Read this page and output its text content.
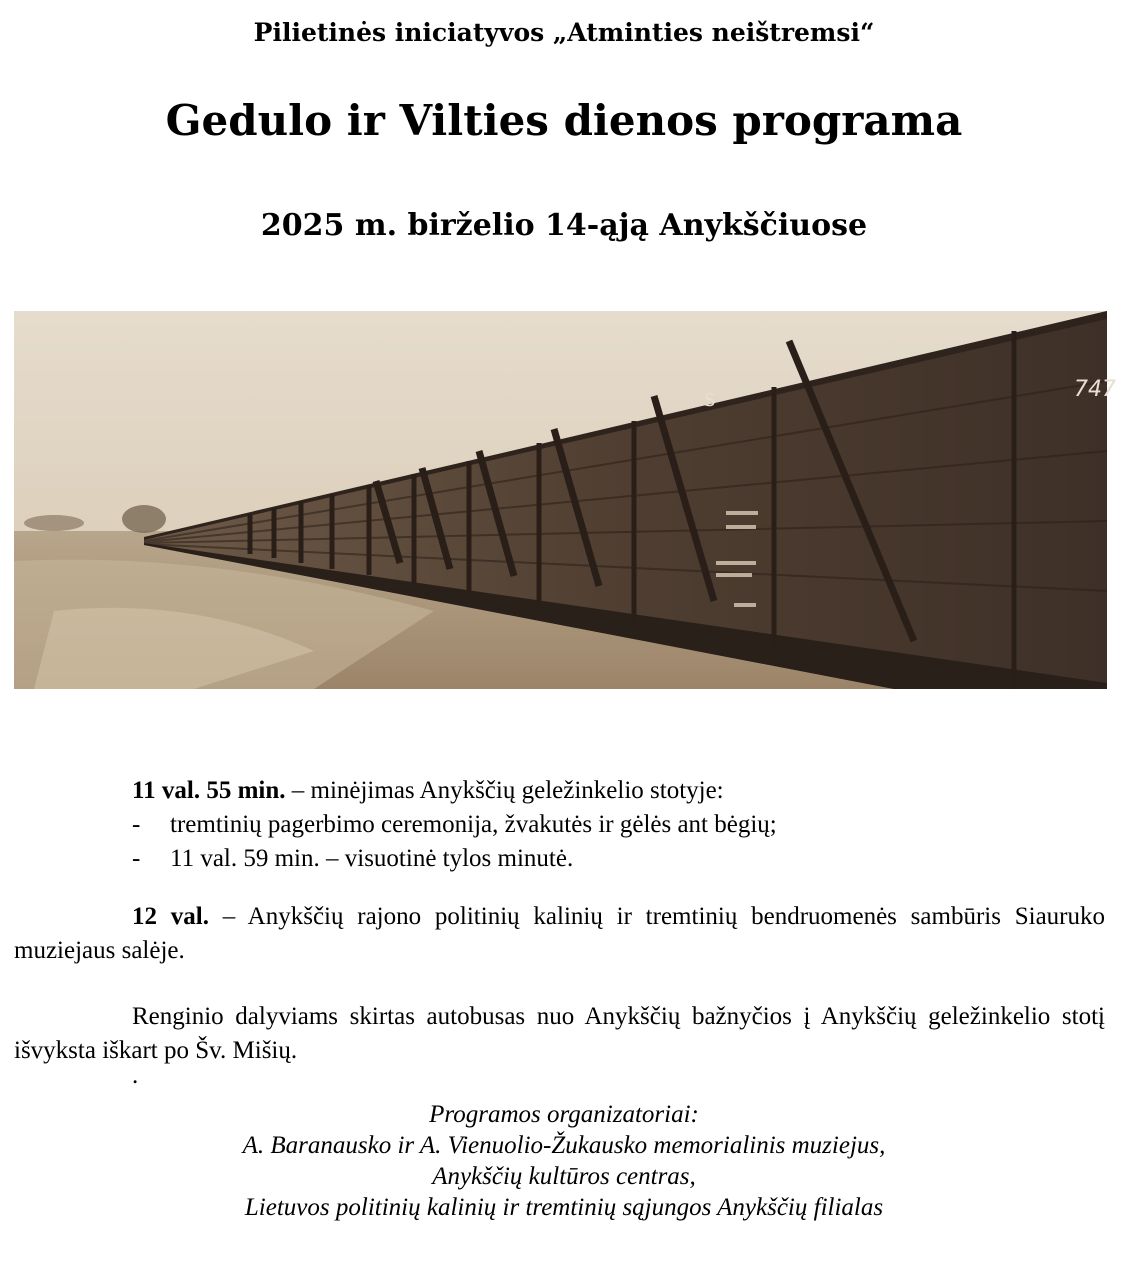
Pilietinės iniciatyvos „Atminties neištremsi“
Gedulo ir Vilties dienos programa
2025 m. birželio 14-ąją Anykščiuose
747
S
11 val. 55 min. – minėjimas Anykščių geležinkelio stotyje:
-	tremtinių pagerbimo ceremonija, žvakutės ir gėlės ant bėgių;
-	11 val. 59 min. – visuotinė tylos minutė.

12 val. – Anykščių rajono politinių kalinių ir tremtinių bendruomenės sambūris Siauruko muziejaus salėje.

Renginio dalyviams skirtas autobusas nuo Anykščių bažnyčios į Anykščių geležinkelio stotį išvyksta iškart po Šv. Mišių.

.
Programos organizatoriai:
A. Baranausko ir A. Vienuolio-Žukausko memorialinis muziejus,
Anykščių kultūros centras,
Lietuvos politinių kalinių ir tremtinių sąjungos Anykščių filialas
